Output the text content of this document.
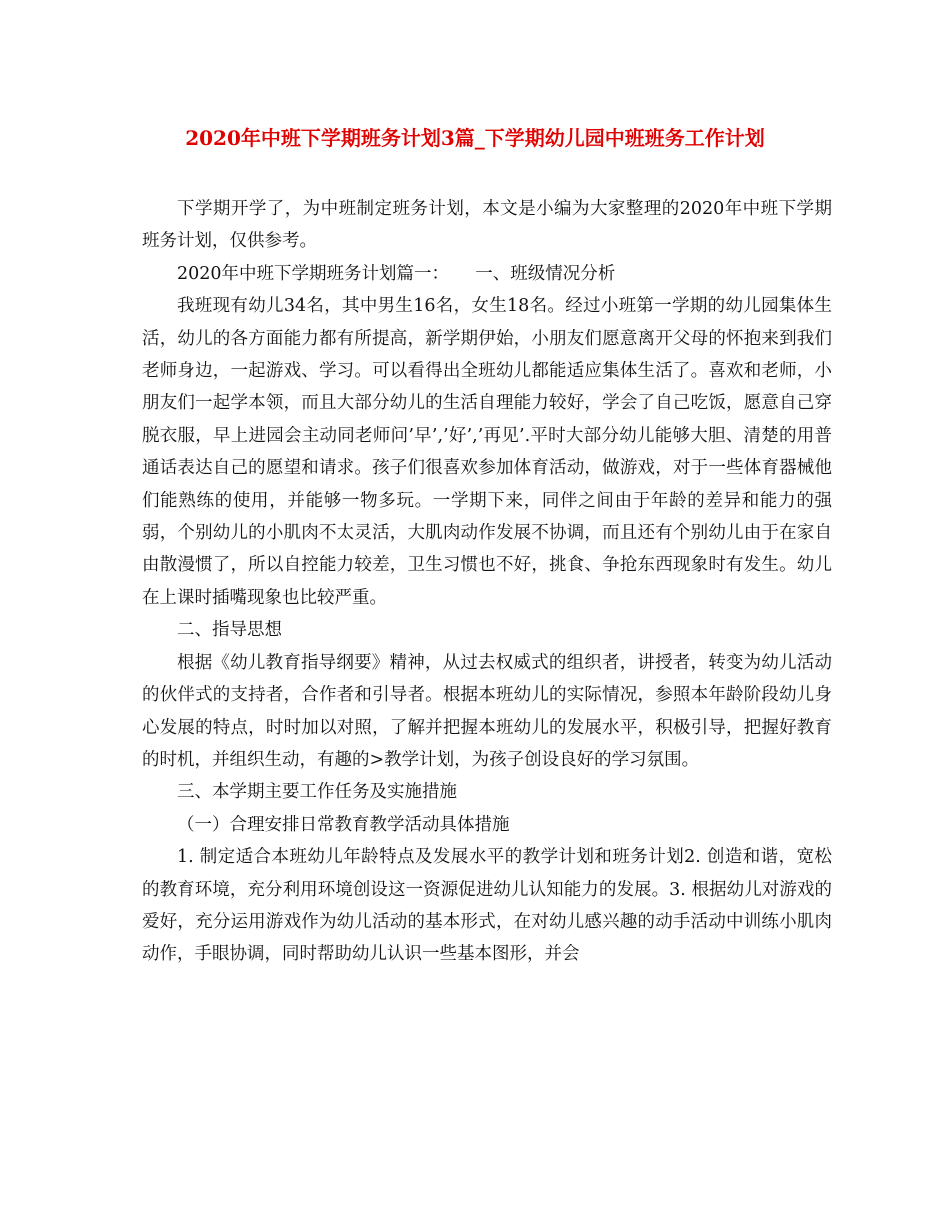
2020年中班下学期班务计划3篇_下学期幼儿园中班班务工作计划

下学期开学了，为中班制定班务计划，本文是小编为大家整理的2020年中班下学期班务计划，仅供参考。

2020年中班下学期班务计划篇一：　　一、班级情况分析

我班现有幼儿34名，其中男生16名，女生18名。经过小班第一学期的幼儿园集体生活，幼儿的各方面能力都有所提高，新学期伊始，小朋友们愿意离开父母的怀抱来到我们老师身边，一起游戏、学习。可以看得出全班幼儿都能适应集体生活了。喜欢和老师，小朋友们一起学本领，而且大部分幼儿的生活自理能力较好，学会了自己吃饭，愿意自己穿脱衣服，早上进园会主动同老师问’早’,’好’,’再见’.平时大部分幼儿能够大胆、清楚的用普通话表达自己的愿望和请求。孩子们很喜欢参加体育活动，做游戏，对于一些体育器械他们能熟练的使用，并能够一物多玩。一学期下来，同伴之间由于年龄的差异和能力的强弱，个别幼儿的小肌肉不太灵活，大肌肉动作发展不协调，而且还有个别幼儿由于在家自由散漫惯了，所以自控能力较差，卫生习惯也不好，挑食、争抢东西现象时有发生。幼儿在上课时插嘴现象也比较严重。

二、指导思想

根据《幼儿教育指导纲要》精神，从过去权威式的组织者，讲授者，转变为幼儿活动的伙伴式的支持者，合作者和引导者。根据本班幼儿的实际情况，参照本年龄阶段幼儿身心发展的特点，时时加以对照，了解并把握本班幼儿的发展水平，积极引导，把握好教育的时机，并组织生动，有趣的>教学计划，为孩子创设良好的学习氛围。

三、本学期主要工作任务及实施措施

（一）合理安排日常教育教学活动具体措施

1. 制定适合本班幼儿年龄特点及发展水平的教学计划和班务计划2. 创造和谐，宽松的教育环境，充分利用环境创设这一资源促进幼儿认知能力的发展。3. 根据幼儿对游戏的爱好，充分运用游戏作为幼儿活动的基本形式，在对幼儿感兴趣的动手活动中训练小肌肉动作，手眼协调，同时帮助幼儿认识一些基本图形，并会
